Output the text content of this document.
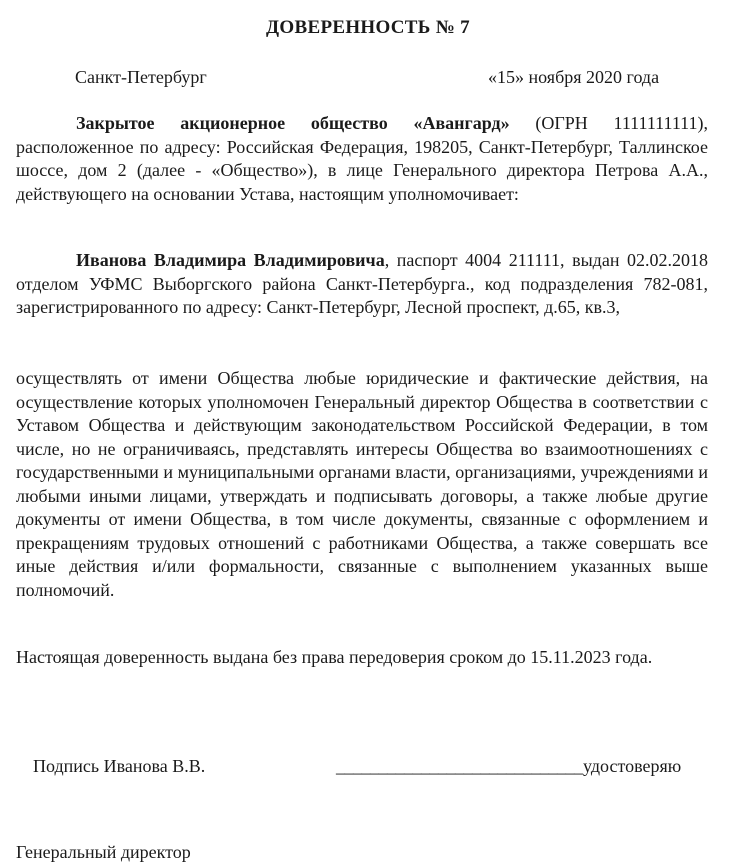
ДОВЕРЕННОСТЬ № 7
Санкт-Петербург	«15» ноября 2020 года

Закрытое акционерное общество «Авангард» (ОГРН 1111111111), расположенное по адресу: Российская Федерация, 198205, Санкт-Петербург, Таллинское шоссе, дом 2 (далее - «Общество»), в лице Генерального директора Петрова А.А., действующего на основании Устава, настоящим уполномочивает:

Иванова Владимира Владимировича, паспорт 4004 211111, выдан 02.02.2018 отделом УФМС Выборгского района Санкт-Петербурга., код подразделения 782-081, зарегистрированного по адресу: Санкт-Петербург, Лесной проспект, д.65, кв.3,

осуществлять от имени Общества любые юридические и фактические действия, на осуществление которых уполномочен Генеральный директор Общества в соответствии с Уставом Общества и действующим законодательством Российской Федерации, в том числе, но не ограничиваясь, представлять интересы Общества во взаимоотношениях с государственными и муниципальными органами власти, организациями, учреждениями и любыми иными лицами, утверждать и подписывать договоры, а также любые другие документы от имени Общества, в том числе документы, связанные с оформлением и прекращениям трудовых отношений с работниками Общества, а также совершать все иные действия и/или формальности, связанные с выполнением указанных выше полномочий.

Настоящая доверенность выдана без права передоверия сроком до 15.11.2023 года.

Подпись Иванова В.В.	_____________________________ удостоверяю
Генеральный директор
